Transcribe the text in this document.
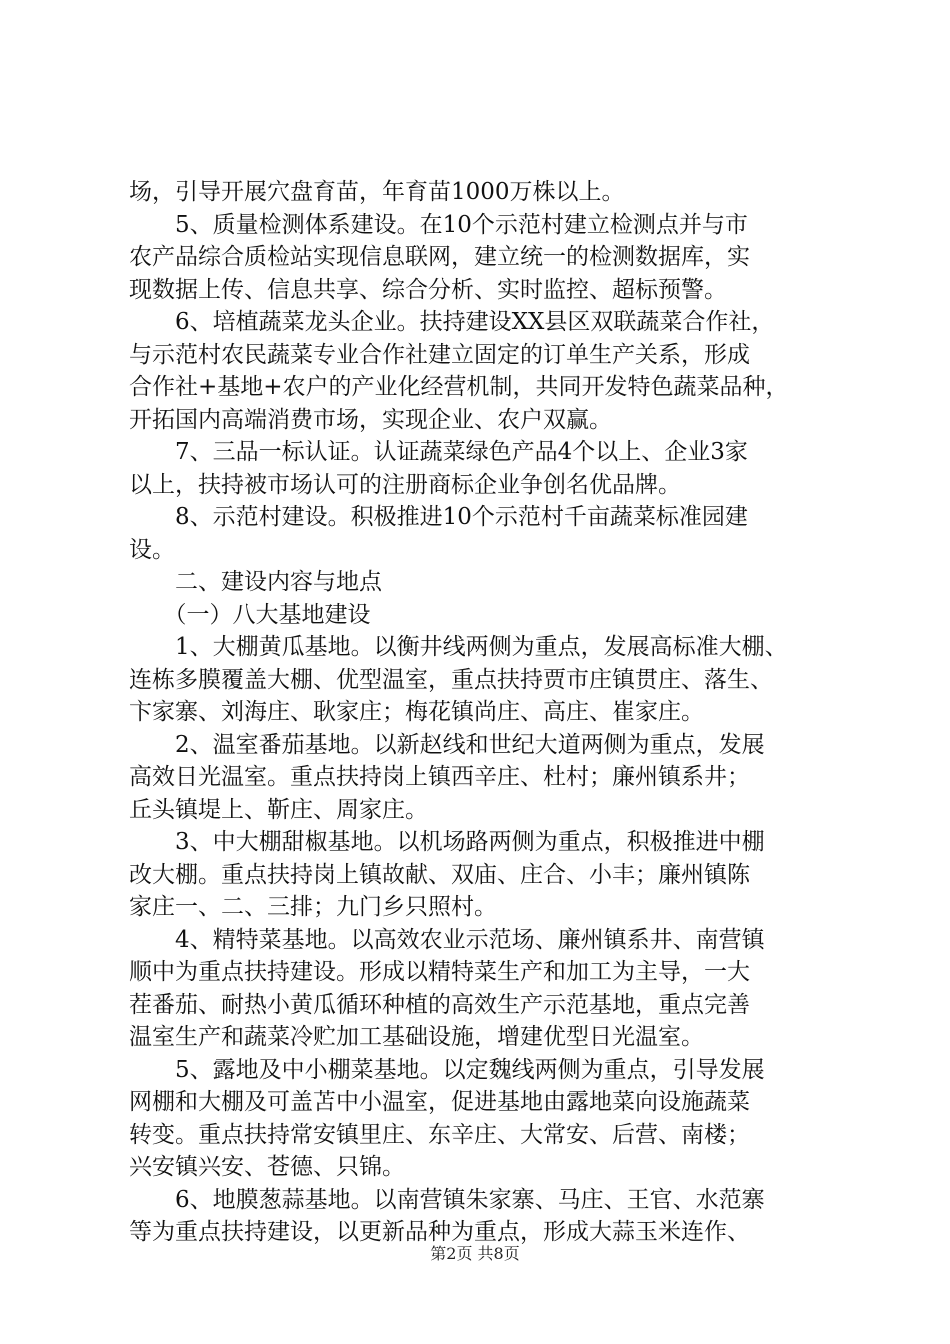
场，引导开展穴盘育苗，年育苗1000万株以上。
　　5、质量检测体系建设。在10个示范村建立检测点并与市
农产品综合质检站实现信息联网，建立统一的检测数据库，实
现数据上传、信息共享、综合分析、实时监控、超标预警。
　　6、培植蔬菜龙头企业。扶持建设XX县区双联蔬菜合作社，
与示范村农民蔬菜专业合作社建立固定的订单生产关系，形成
合作社+基地+农户的产业化经营机制，共同开发特色蔬菜品种，
开拓国内高端消费市场，实现企业、农户双赢。
　　7、三品一标认证。认证蔬菜绿色产品4个以上、企业3家
以上，扶持被市场认可的注册商标企业争创名优品牌。
　　8、示范村建设。积极推进10个示范村千亩蔬菜标准园建
设。
　　二、建设内容与地点
　　（一）八大基地建设
　　1、大棚黄瓜基地。以衡井线两侧为重点，发展高标准大棚、
连栋多膜覆盖大棚、优型温室，重点扶持贾市庄镇贯庄、落生、
卞家寨、刘海庄、耿家庄；梅花镇尚庄、高庄、崔家庄。
　　2、温室番茄基地。以新赵线和世纪大道两侧为重点，发展
高效日光温室。重点扶持岗上镇西辛庄、杜村；廉州镇系井；
丘头镇堤上、靳庄、周家庄。
　　3、中大棚甜椒基地。以机场路两侧为重点，积极推进中棚
改大棚。重点扶持岗上镇故献、双庙、庄合、小丰；廉州镇陈
家庄一、二、三排；九门乡只照村。
　　4、精特菜基地。以高效农业示范场、廉州镇系井、南营镇
顺中为重点扶持建设。形成以精特菜生产和加工为主导，一大
茬番茄、耐热小黄瓜循环种植的高效生产示范基地，重点完善
温室生产和蔬菜冷贮加工基础设施，增建优型日光温室。
　　5、露地及中小棚菜基地。以定魏线两侧为重点，引导发展
网棚和大棚及可盖苫中小温室，促进基地由露地菜向设施蔬菜
转变。重点扶持常安镇里庄、东辛庄、大常安、后营、南楼；
兴安镇兴安、苍德、只锦。
　　6、地膜葱蒜基地。以南营镇朱家寨、马庄、王官、水范寨
等为重点扶持建设，以更新品种为重点，形成大蒜玉米连作、
第2页 共8页
